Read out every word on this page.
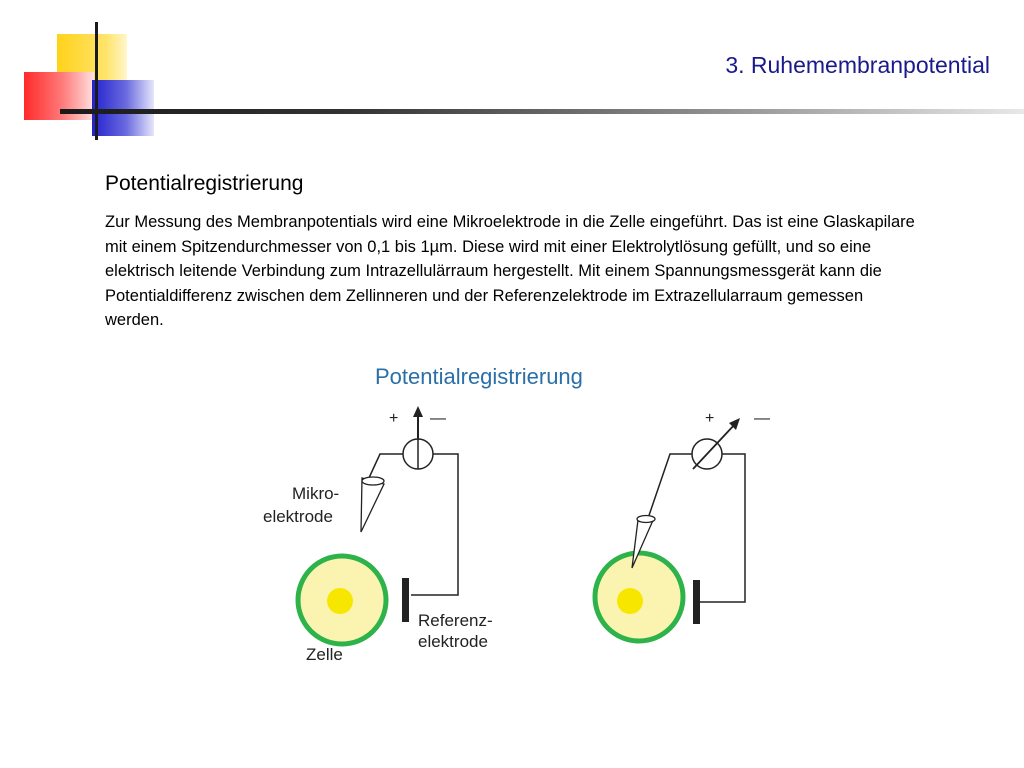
3. Ruhemembranpotential
Potentialregistrierung
Zur Messung des Membranpotentials wird eine Mikroelektrode in die Zelle eingeführt. Das ist eine Glaskapilare mit einem Spitzendurchmesser von 0,1 bis 1µm. Diese wird mit einer Elektrolytlösung gefüllt, und so eine elektrisch leitende Verbindung zum Intrazellulärraum hergestellt. Mit einem Spannungsmessgerät kann die Potentialdifferenz zwischen dem Zellinneren und der Referenzelektrode im Extrazellularraum gemessen werden.
Potentialregistrierung
+ —
Mikro-
elektrode
Referenz-
elektrode
Zelle
+ —
